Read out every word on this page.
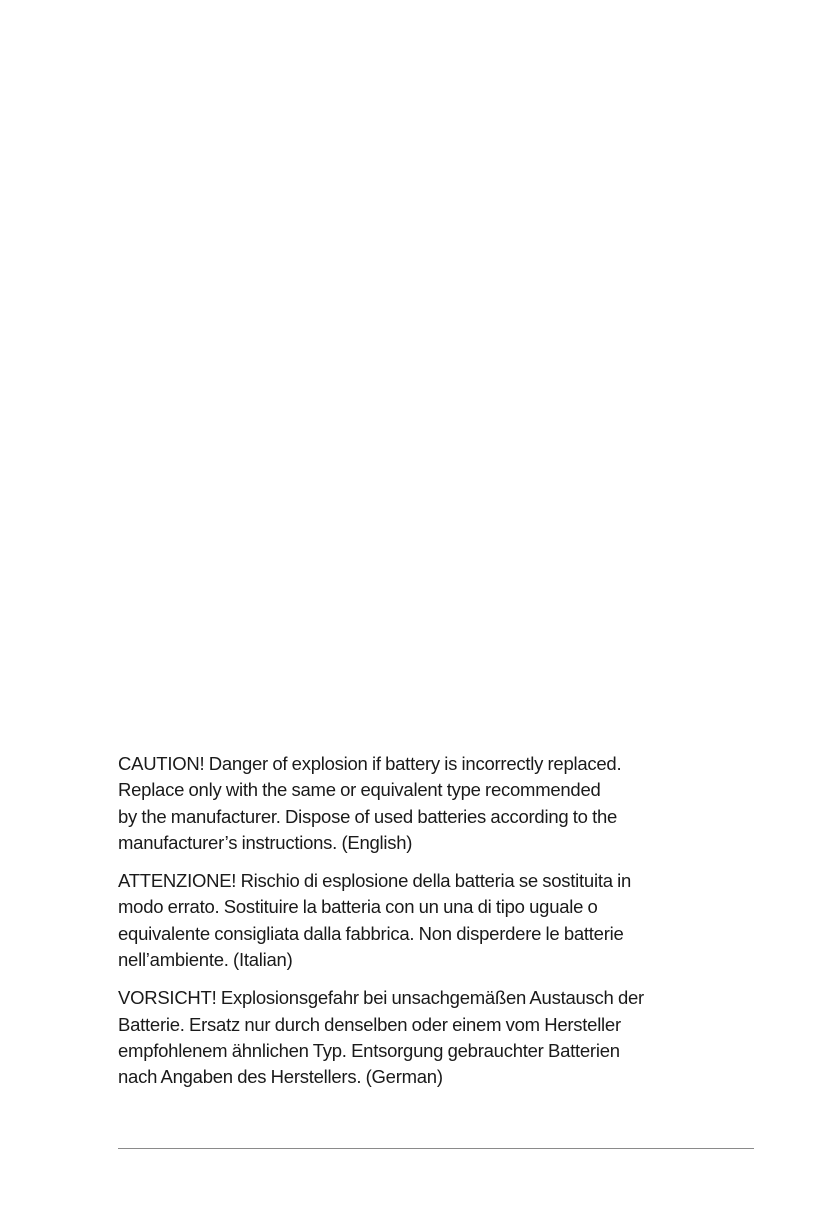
CAUTION! Danger of explosion if battery is incorrectly replaced.
Replace only with the same or equivalent type recommended
by the manufacturer. Dispose of used batteries according to the
manufacturer’s instructions. (English)

ATTENZIONE! Rischio di esplosione della batteria se sostituita in
modo errato. Sostituire la batteria con un una di tipo uguale o
equivalente consigliata dalla fabbrica. Non disperdere le batterie
nell’ambiente. (Italian)

VORSICHT! Explosionsgefahr bei unsachgemäßen Austausch der
Batterie. Ersatz nur durch denselben oder einem vom Hersteller
empfohlenem ähnlichen Typ. Entsorgung gebrauchter Batterien
nach Angaben des Herstellers. (German)
